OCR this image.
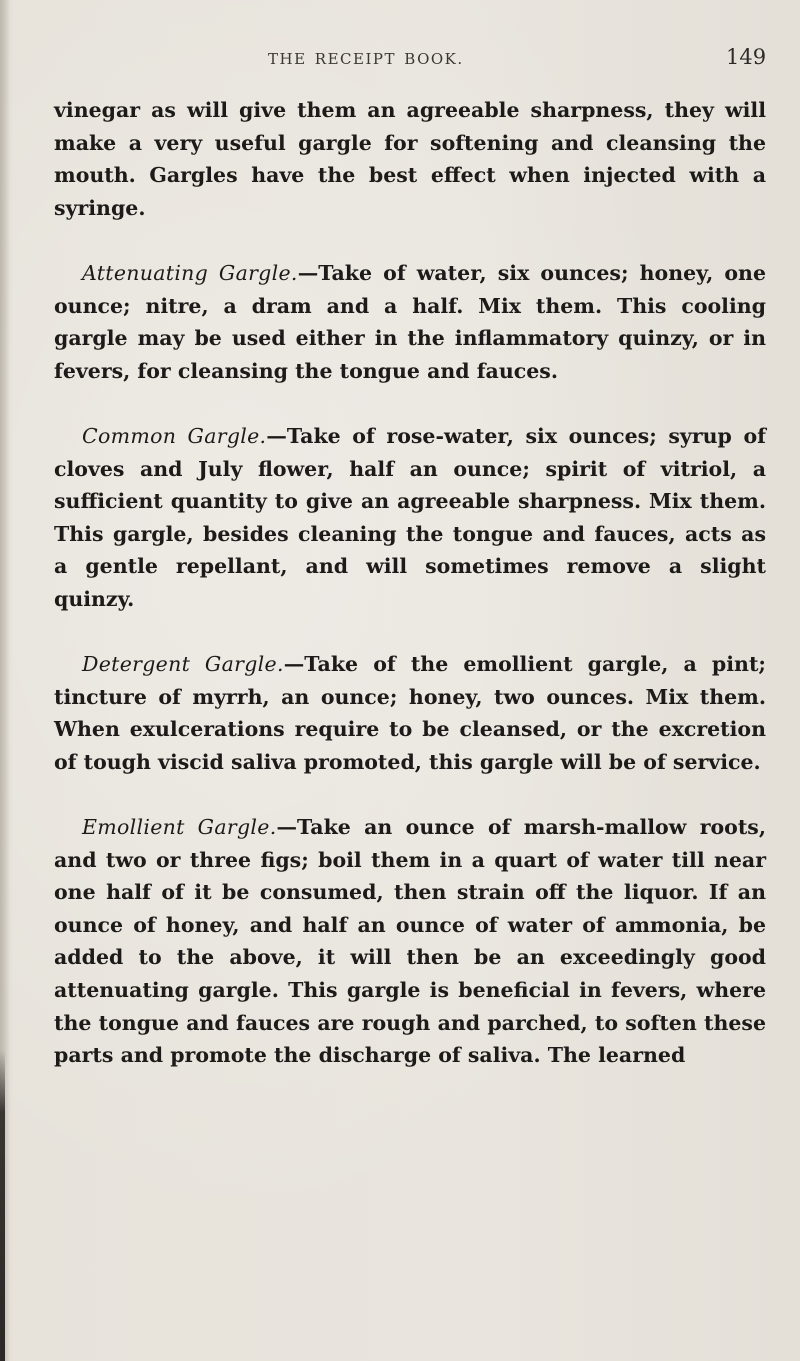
THE RECEIPT BOOK.	149

vinegar as will give them an agreeable sharpness, they will make a very useful gargle for softening and cleansing the mouth. Gargles have the best effect when injected with a syringe.

Attenuating Gargle.—Take of water, six ounces; honey, one ounce; nitre, a dram and a half. Mix them. This cooling gargle may be used either in the inflammatory quinzy, or in fevers, for cleansing the tongue and fauces.

Common Gargle.—Take of rose-water, six ounces; syrup of cloves and July flower, half an ounce; spirit of vitriol, a sufficient quantity to give an agreeable sharpness. Mix them. This gargle, besides cleaning the tongue and fauces, acts as a gentle repellant, and will sometimes remove a slight quinzy.

Detergent Gargle.—Take of the emollient gargle, a pint; tincture of myrrh, an ounce; honey, two ounces. Mix them. When exulcerations require to be cleansed, or the excretion of tough viscid saliva promoted, this gargle will be of service.

Emollient Gargle.—Take an ounce of marsh-mallow roots, and two or three figs; boil them in a quart of water till near one half of it be consumed, then strain off the liquor. If an ounce of honey, and half an ounce of water of ammonia, be added to the above, it will then be an exceedingly good attenuating gargle. This gargle is beneficial in fevers, where the tongue and fauces are rough and parched, to soften these parts and promote the discharge of saliva. The learned
